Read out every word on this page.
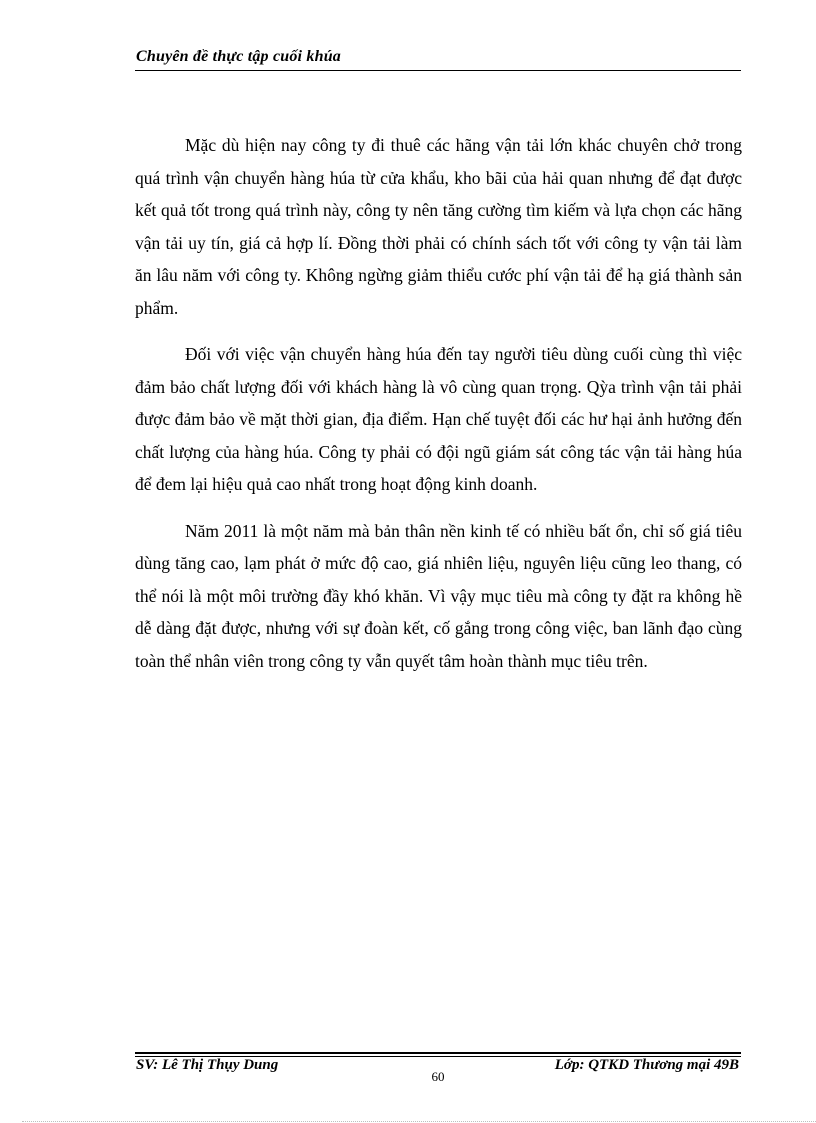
Chuyên đề thực tập cuối khúa

Mặc dù hiện nay công ty đi thuê các hãng vận tải lớn khác chuyên chở trong quá trình vận chuyển hàng húa từ cửa khẩu, kho bãi của hải quan nhưng để đạt được kết quả tốt trong quá trình này, công ty nên tăng cường tìm kiếm và lựa chọn các hãng vận tải uy tín, giá cả hợp lí. Đồng thời phải có chính sách tốt với công ty vận tải làm ăn lâu năm với công ty. Không ngừng giảm thiểu cước phí vận tải để hạ giá thành sản phẩm.

Đối với việc vận chuyển hàng húa đến tay người tiêu dùng cuối cùng thì việc đảm bảo chất lượng đối với khách hàng là vô cùng quan trọng. Qỳa trình vận tải phải được đảm bảo về mặt thời gian, địa điểm. Hạn chế tuyệt đối các hư hại ảnh hưởng đến chất lượng của hàng húa. Công ty phải có đội ngũ giám sát công tác vận tải hàng húa để đem lại hiệu quả cao nhất trong hoạt động kinh doanh.

Năm 2011 là một năm mà bản thân nền kinh tế có nhiều bất ổn, chỉ số giá tiêu dùng tăng cao, lạm phát ở mức độ cao, giá nhiên liệu, nguyên liệu cũng leo thang, có thể nói là một môi trường đầy khó khăn. Vì vậy mục tiêu mà công ty đặt ra không hề dễ dàng đặt được, nhưng với sự đoàn kết, cố gắng trong công việc, ban lãnh đạo cùng toàn thể nhân viên trong công ty vẫn quyết tâm hoàn thành mục tiêu trên.

SV: Lê Thị Thụy Dung	Lớp: QTKD Thương mại 49B
60
